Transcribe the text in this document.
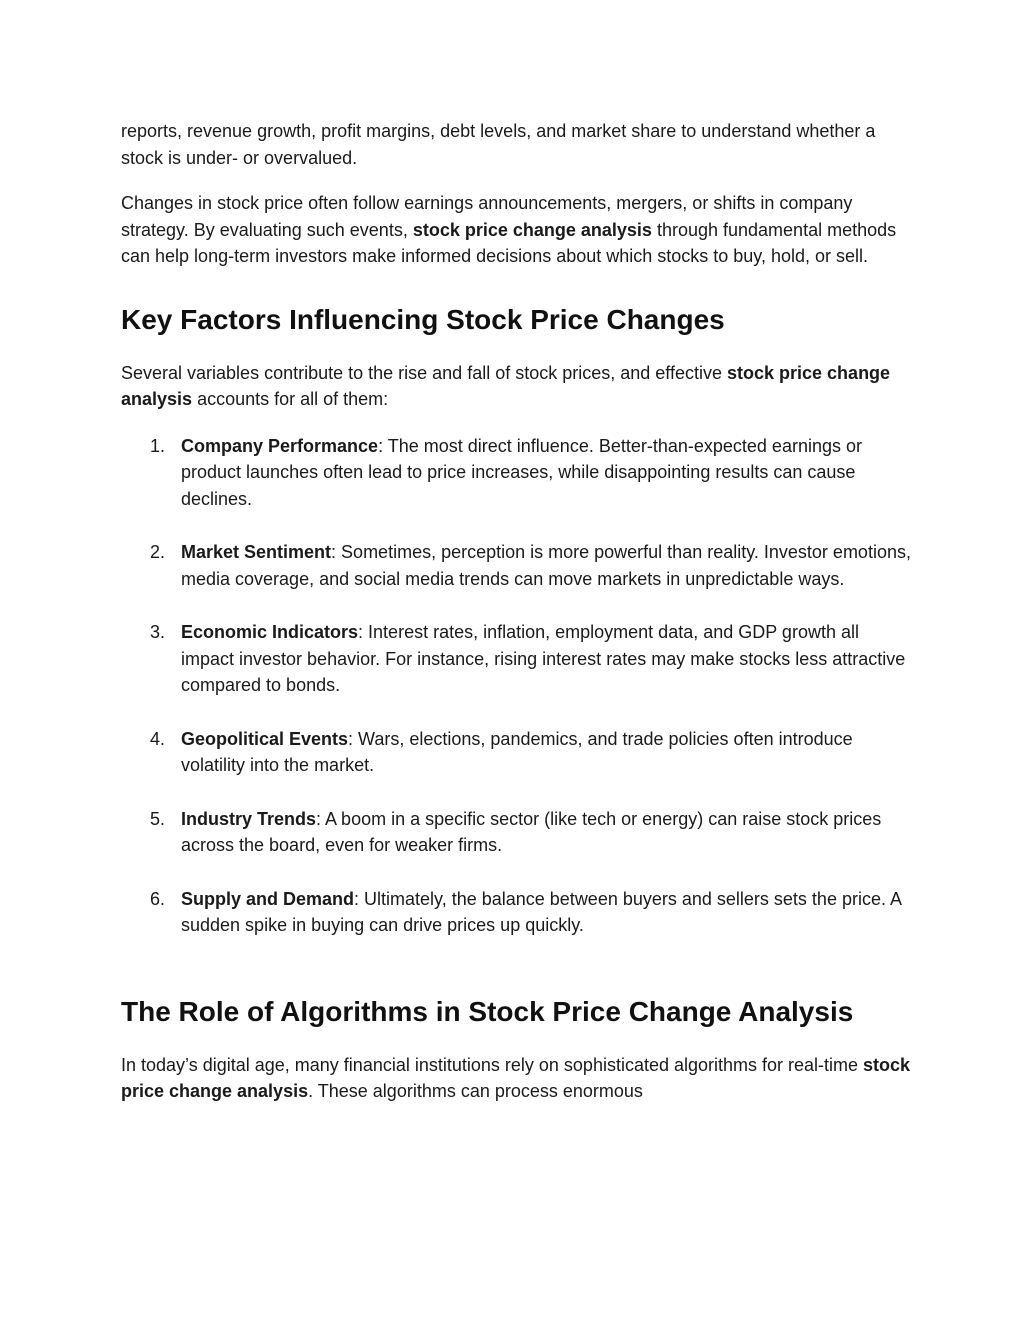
reports, revenue growth, profit margins, debt levels, and market share to understand whether a stock is under- or overvalued.

Changes in stock price often follow earnings announcements, mergers, or shifts in company strategy. By evaluating such events, stock price change analysis through fundamental methods can help long-term investors make informed decisions about which stocks to buy, hold, or sell.

Key Factors Influencing Stock Price Changes

Several variables contribute to the rise and fall of stock prices, and effective stock price change analysis accounts for all of them:

1. Company Performance: The most direct influence. Better-than-expected earnings or product launches often lead to price increases, while disappointing results can cause declines.
2. Market Sentiment: Sometimes, perception is more powerful than reality. Investor emotions, media coverage, and social media trends can move markets in unpredictable ways.
3. Economic Indicators: Interest rates, inflation, employment data, and GDP growth all impact investor behavior. For instance, rising interest rates may make stocks less attractive compared to bonds.
4. Geopolitical Events: Wars, elections, pandemics, and trade policies often introduce volatility into the market.
5. Industry Trends: A boom in a specific sector (like tech or energy) can raise stock prices across the board, even for weaker firms.
6. Supply and Demand: Ultimately, the balance between buyers and sellers sets the price. A sudden spike in buying can drive prices up quickly.
The Role of Algorithms in Stock Price Change Analysis

In today’s digital age, many financial institutions rely on sophisticated algorithms for real-time stock price change analysis. These algorithms can process enormous
